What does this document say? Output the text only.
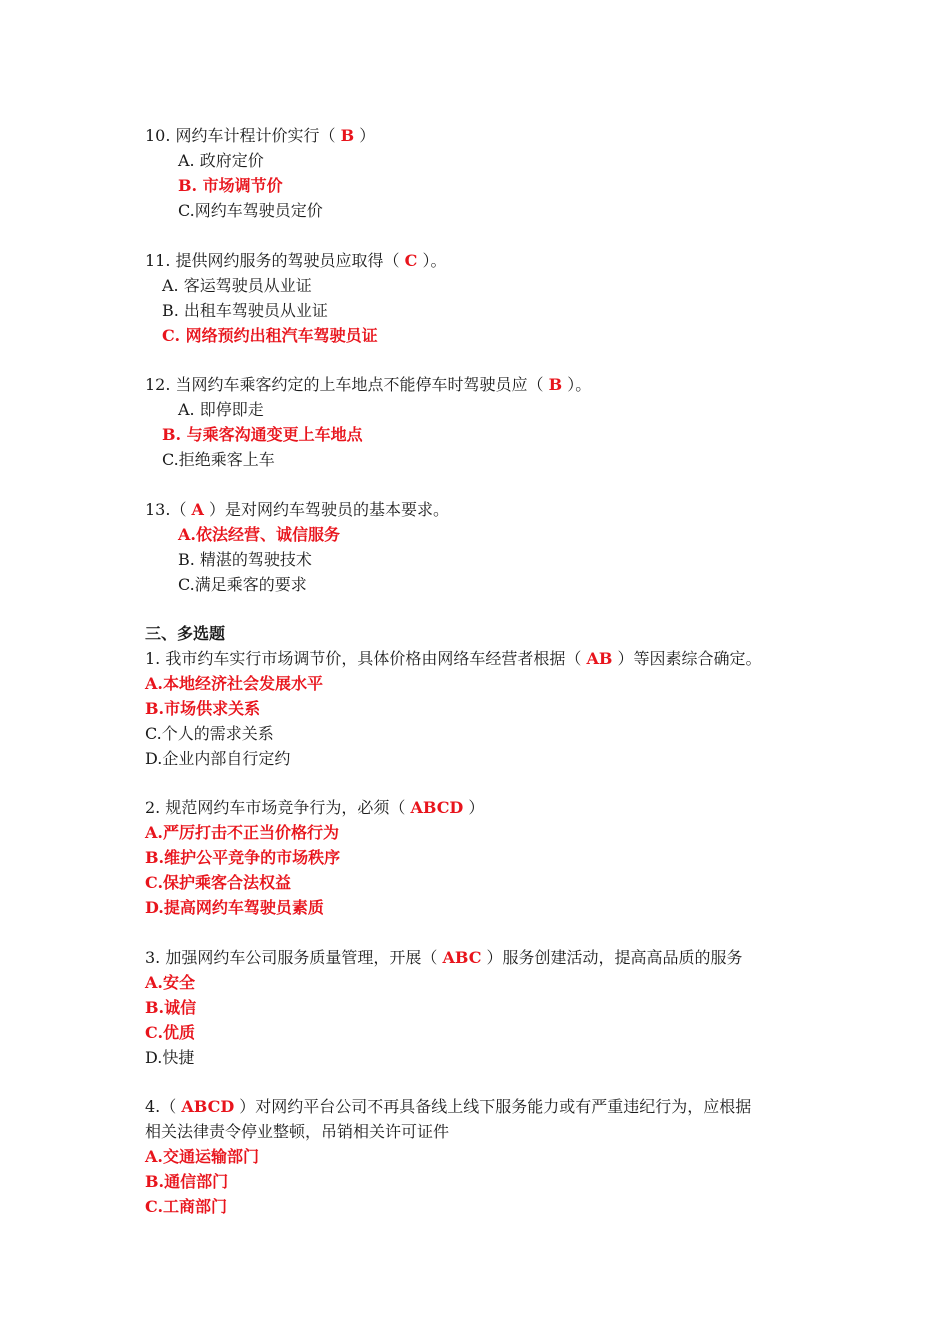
10. 网约车计程计价实行（ B ）
A. 政府定价
B. 市场调节价
C.网约车驾驶员定价
11. 提供网约服务的驾驶员应取得（ C ）。
A. 客运驾驶员从业证
B. 出租车驾驶员从业证
C. 网络预约出租汽车驾驶员证
12. 当网约车乘客约定的上车地点不能停车时驾驶员应（ B ）。
A. 即停即走
B. 与乘客沟通变更上车地点
C.拒绝乘客上车
13.（ A ）是对网约车驾驶员的基本要求。
A.依法经营、诚信服务
B. 精湛的驾驶技术
C.满足乘客的要求
三、多选题
1. 我市约车实行市场调节价，具体价格由网络车经营者根据（ AB ）等因素综合确定。
A.本地经济社会发展水平
B.市场供求关系
C.个人的需求关系
D.企业内部自行定约
2. 规范网约车市场竞争行为，必须（ ABCD ）
A.严厉打击不正当价格行为
B.维护公平竞争的市场秩序
C.保护乘客合法权益
D.提高网约车驾驶员素质
3. 加强网约车公司服务质量管理，开展（ ABC ）服务创建活动，提高高品质的服务
A.安全
B.诚信
C.优质
D.快捷
4.（ ABCD ）对网约平台公司不再具备线上线下服务能力或有严重违纪行为，应根据
相关法律责令停业整顿，吊销相关许可证件
A.交通运输部门
B.通信部门
C.工商部门
